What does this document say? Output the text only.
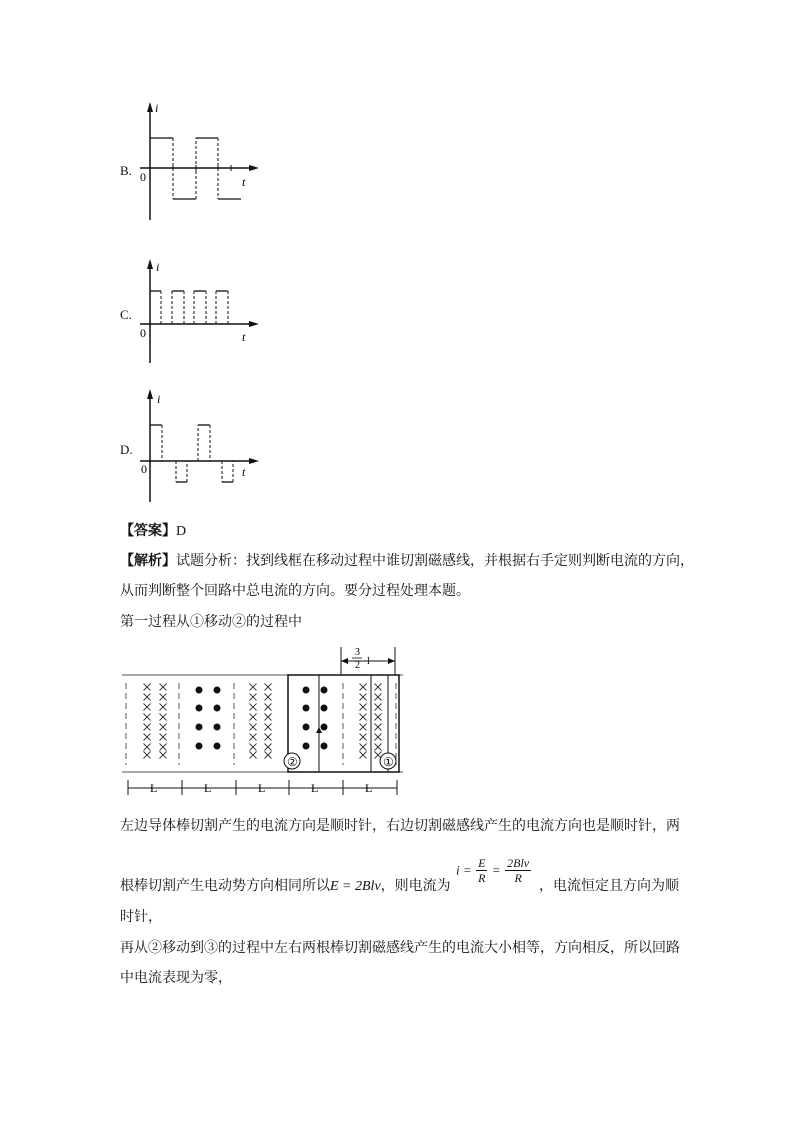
B.
i
t
0
C.
i
t
0
D.
i
t
0
【答案】D
【解析】试题分析：找到线框在移动过程中谁切割磁感线，并根据右手定则判断电流的方向，
从而判断整个回路中总电流的方向。要分过程处理本题。
第一过程从①移动②的过程中
3
2 l
②	①
L	L	L	L	L
左边导体棒切割产生的电流方向是顺时针，右边切割磁感线产生的电流方向也是顺时针，两
根棒切割产生电动势方向相同所以E = 2Blv，则电流为
$i = \frac{E}{R} = \frac{\text{2Blv}}{R}$
，电流恒定且方向为顺
时针，
再从②移动到③的过程中左右两根棒切割磁感线产生的电流大小相等，方向相反，所以回路
中电流表现为零，
